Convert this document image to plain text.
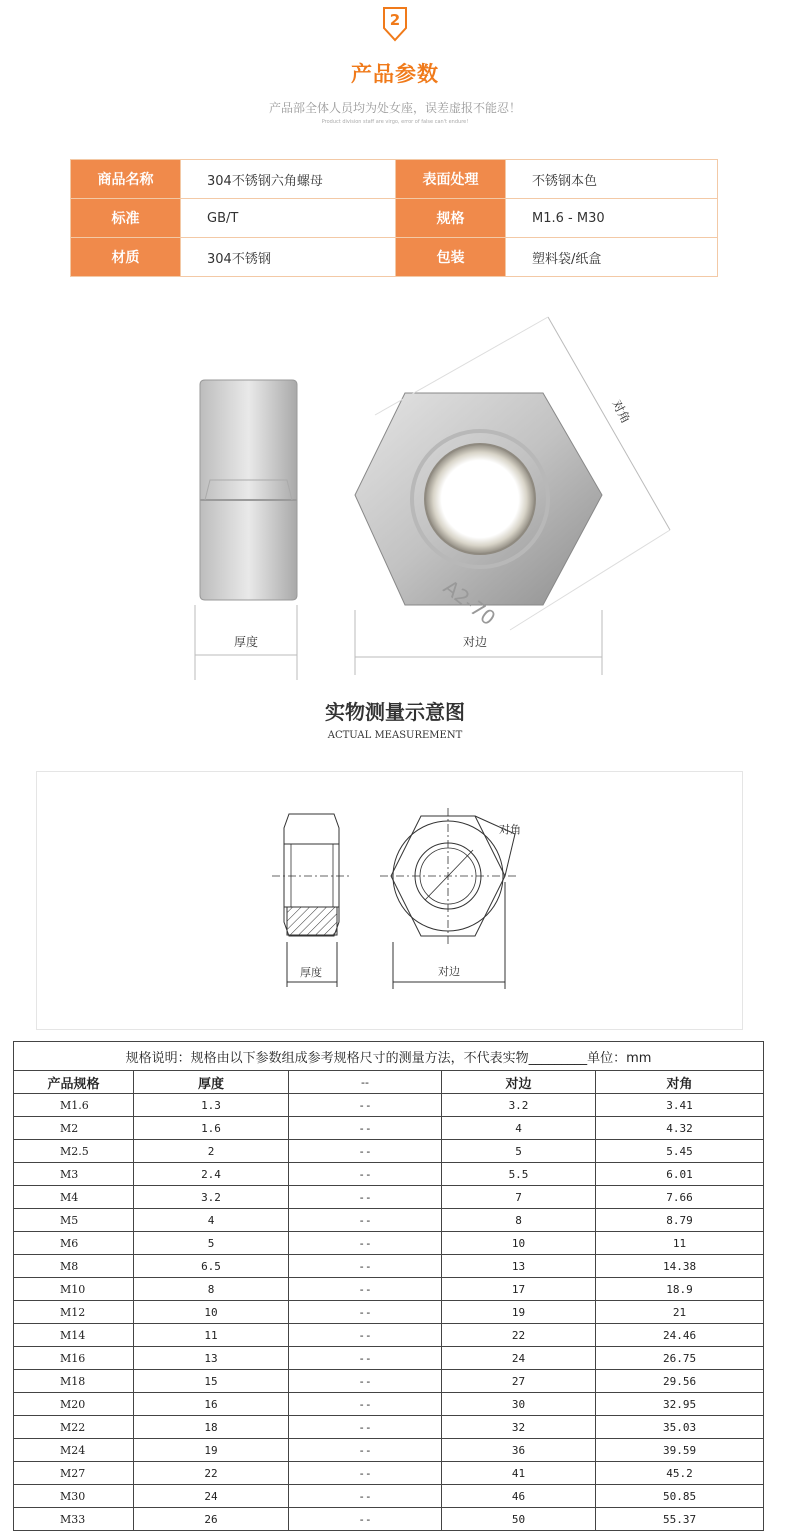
2
产品参数
产品部全体人员均为处女座，误差虚报不能忍！
Product division staff are virgo, error of false can't endure!
商品名称	304不锈钢六角螺母	表面处理	不锈钢本色
标准	GB/T	规格	M1.6 - M30
材质	304不锈钢	包装	塑料袋/纸盒
厚度
A2-70
对边
对角
实物测量示意图
ACTUAL MEASUREMENT
厚度
对角
对边
规格说明：规格由以下参数组成参考规格尺寸的测量方法，不代表实物_________单位：mm				
产品规格	厚度	--	对边	对角
M1.6	1.3	--	3.2	3.41
M2	1.6	--	4	4.32
M2.5	2	--	5	5.45
M3	2.4	--	5.5	6.01
M4	3.2	--	7	7.66
M5	4	--	8	8.79
M6	5	--	10	11
M8	6.5	--	13	14.38
M10	8	--	17	18.9
M12	10	--	19	21
M14	11	--	22	24.46
M16	13	--	24	26.75
M18	15	--	27	29.56
M20	16	--	30	32.95
M22	18	--	32	35.03
M24	19	--	36	39.59
M27	22	--	41	45.2
M30	24	--	46	50.85
M33	26	--	50	55.37
